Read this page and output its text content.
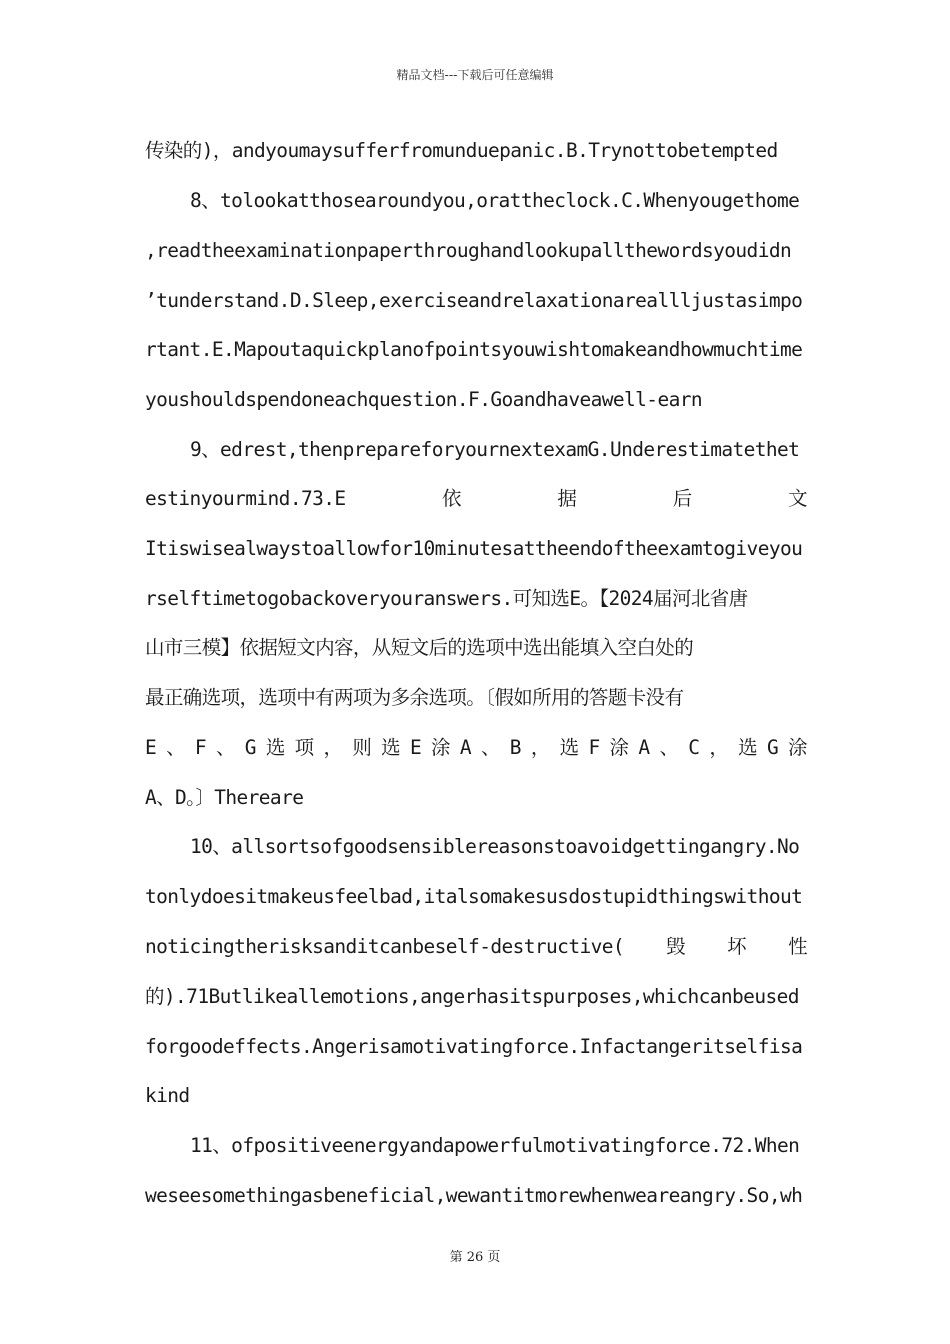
精品文档---下载后可任意编辑
传染的)，andyoumaysufferfromunduepanic.B.Trynottobetempted
8、tolookatthosearoundyou,orattheclock.C.Whenyougethome
,readtheexaminationpaperthroughandlookupallthewordsyoudidn
’tunderstand.D.Sleep,exerciseandrelaxationareallljustasimpo
rtant.E.Mapoutaquickplanofpointsyouwishtomakeandhowmuchtime
youshouldspendoneachquestion.F.Goandhaveawell-earn
9、edrest,thenprepareforyournextexamG.Underestimatethet
estinyourmind.73.E	依	据	后	文
Itiswisealwaystoallowfor10minutesattheendoftheexamtogiveyou
rselftimetogobackoveryouranswers.可知选E。【2024届河北省唐
山市三模】依据短文内容，从短文后的选项中选出能填入空白处的
最正确选项，选项中有两项为多余选项。〔假如所用的答题卡没有
E 、 F 、 G 选 项 ， 则 选 E 涂 A 、 B ， 选 F 涂 A 、 C ， 选 G 涂
A、D。〕Thereare
10、allsortsofgoodsensiblereasonstoavoidgettingangry.No
tonlydoesitmakeusfeelbad,italsomakesusdostupidthingswithout
noticingtherisksanditcanbeself-destructive( 毁 坏 性
的).71Butlikeallemotions,angerhasitspurposes,whichcanbeused
forgoodeffects.Angerisamotivatingforce.Infactangeritselfisa
kind
11、ofpositiveenergyandapowerfulmotivatingforce.72.When
weseesomethingasbeneficial,wewantitmorewhenweareangry.So,wh
第 26 页
